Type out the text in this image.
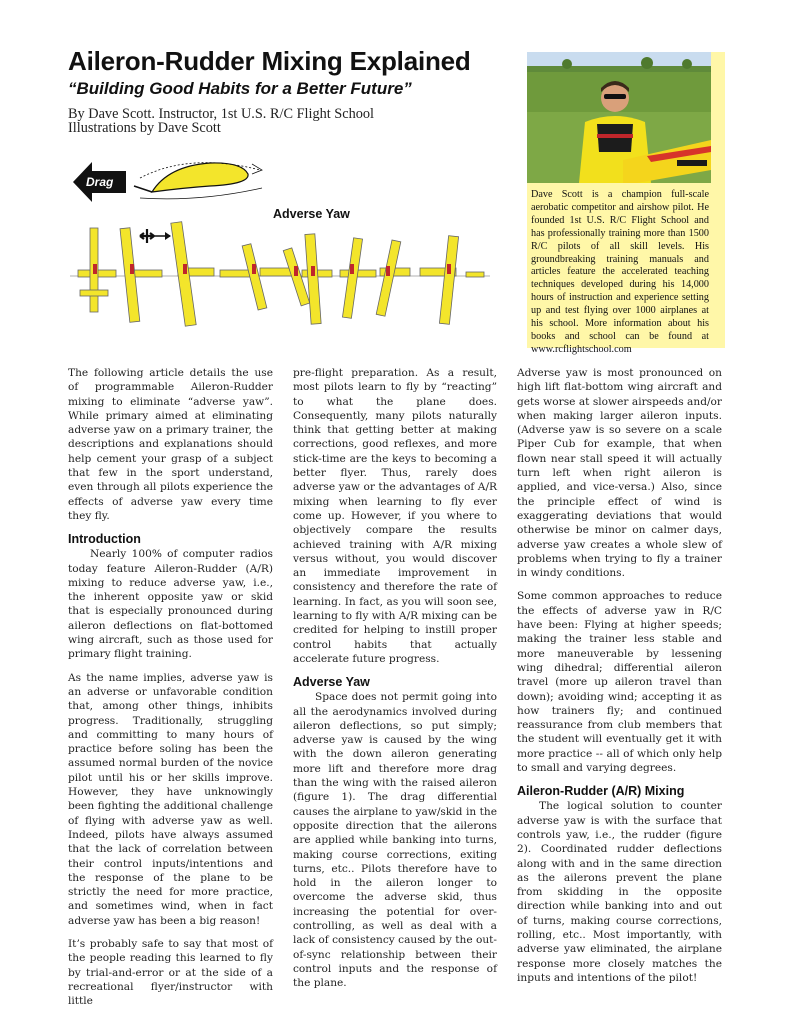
Aileron-Rudder Mixing Explained
“Building Good Habits for a Better Future”
By Dave Scott. Instructor, 1st U.S. R/C Flight School
Illustrations by Dave Scott
Dave Scott is a champion full-scale aerobatic competitor and airshow pilot. He founded 1st U.S. R/C Flight School and has professionally training more than 1500 R/C pilots of all skill levels. His groundbreaking training manuals and articles feature the accelerated teaching techniques developed during his 14,000 hours of instruction and experience setting up and test flying over 1000 airplanes at his school. More information about his books and school can be found at www.rcflightschool.com
Drag
Adverse Yaw

The following article details the use of programmable Aileron-Rudder mixing to eliminate “adverse yaw”. While primary aimed at eliminating adverse yaw on a primary trainer, the descriptions and explanations should help cement your grasp of a subject that few in the sport understand, even through all pilots experience the effects of adverse yaw every time they fly.

Introduction

Nearly 100% of computer radios today feature Aileron-Rudder (A/R) mixing to reduce adverse yaw, i.e., the inherent opposite yaw or skid that is especially pronounced during aileron deflections on flat-bottomed wing aircraft, such as those used for primary flight training.

As the name implies, adverse yaw is an adverse or unfavorable condition that, among other things, inhibits progress. Traditionally, struggling and committing to many hours of practice before soling has been the assumed normal burden of the novice pilot until his or her skills improve. However, they have unknowingly been fighting the additional challenge of flying with adverse yaw as well. Indeed, pilots have always assumed that the lack of correlation between their control inputs/intentions and the response of the plane to be strictly the need for more practice, and sometimes wind, when in fact adverse yaw has been a big reason!

It’s probably safe to say that most of the people reading this learned to fly by trial-and-error or at the side of a recreational flyer/instructor with little

pre-flight preparation. As a result, most pilots learn to fly by “reacting” to what the plane does. Consequently, many pilots naturally think that getting better at making corrections, good reflexes, and more stick-time are the keys to becoming a better flyer. Thus, rarely does adverse yaw or the advantages of A/R mixing when learning to fly ever come up. However, if you where to objectively compare the results achieved training with A/R mixing versus without, you would discover an immediate improvement in consistency and therefore the rate of learning. In fact, as you will soon see, learning to fly with A/R mixing can be credited for helping to instill proper control habits that actually accelerate future progress.

Adverse Yaw

Space does not permit going into all the aerodynamics involved during aileron deflections, so put simply; adverse yaw is caused by the wing with the down aileron generating more lift and therefore more drag than the wing with the raised aileron (figure 1). The drag differential causes the airplane to yaw/skid in the opposite direction that the ailerons are applied while banking into turns, making course corrections, exiting turns, etc.. Pilots therefore have to hold in the aileron longer to overcome the adverse skid, thus increasing the potential for over-controlling, as well as deal with a lack of consistency caused by the out-of-sync relationship between their control inputs and the response of the plane.

Adverse yaw is most pronounced on high lift flat-bottom wing aircraft and gets worse at slower airspeeds and/or when making larger aileron inputs. (Adverse yaw is so severe on a scale Piper Cub for example, that when flown near stall speed it will actually turn left when right aileron is applied, and vice-versa.) Also, since the principle effect of wind is exaggerating deviations that would otherwise be minor on calmer days, adverse yaw creates a whole slew of problems when trying to fly a trainer in windy conditions.

Some common approaches to reduce the effects of adverse yaw in R/C have been: Flying at higher speeds; making the trainer less stable and more maneuverable by lessening wing dihedral; differential aileron travel (more up aileron travel than down); avoiding wind; accepting it as how trainers fly; and continued reassurance from club members that the student will eventually get it with more practice -- all of which only help to small and varying degrees.

Aileron-Rudder (A/R) Mixing

The logical solution to counter adverse yaw is with the surface that controls yaw, i.e., the rudder (figure 2). Coordinated rudder deflections along with and in the same direction as the ailerons prevent the plane from skidding in the opposite direction while banking into and out of turns, making course corrections, rolling, etc.. Most importantly, with adverse yaw eliminated, the airplane response more closely matches the inputs and intentions of the pilot!
